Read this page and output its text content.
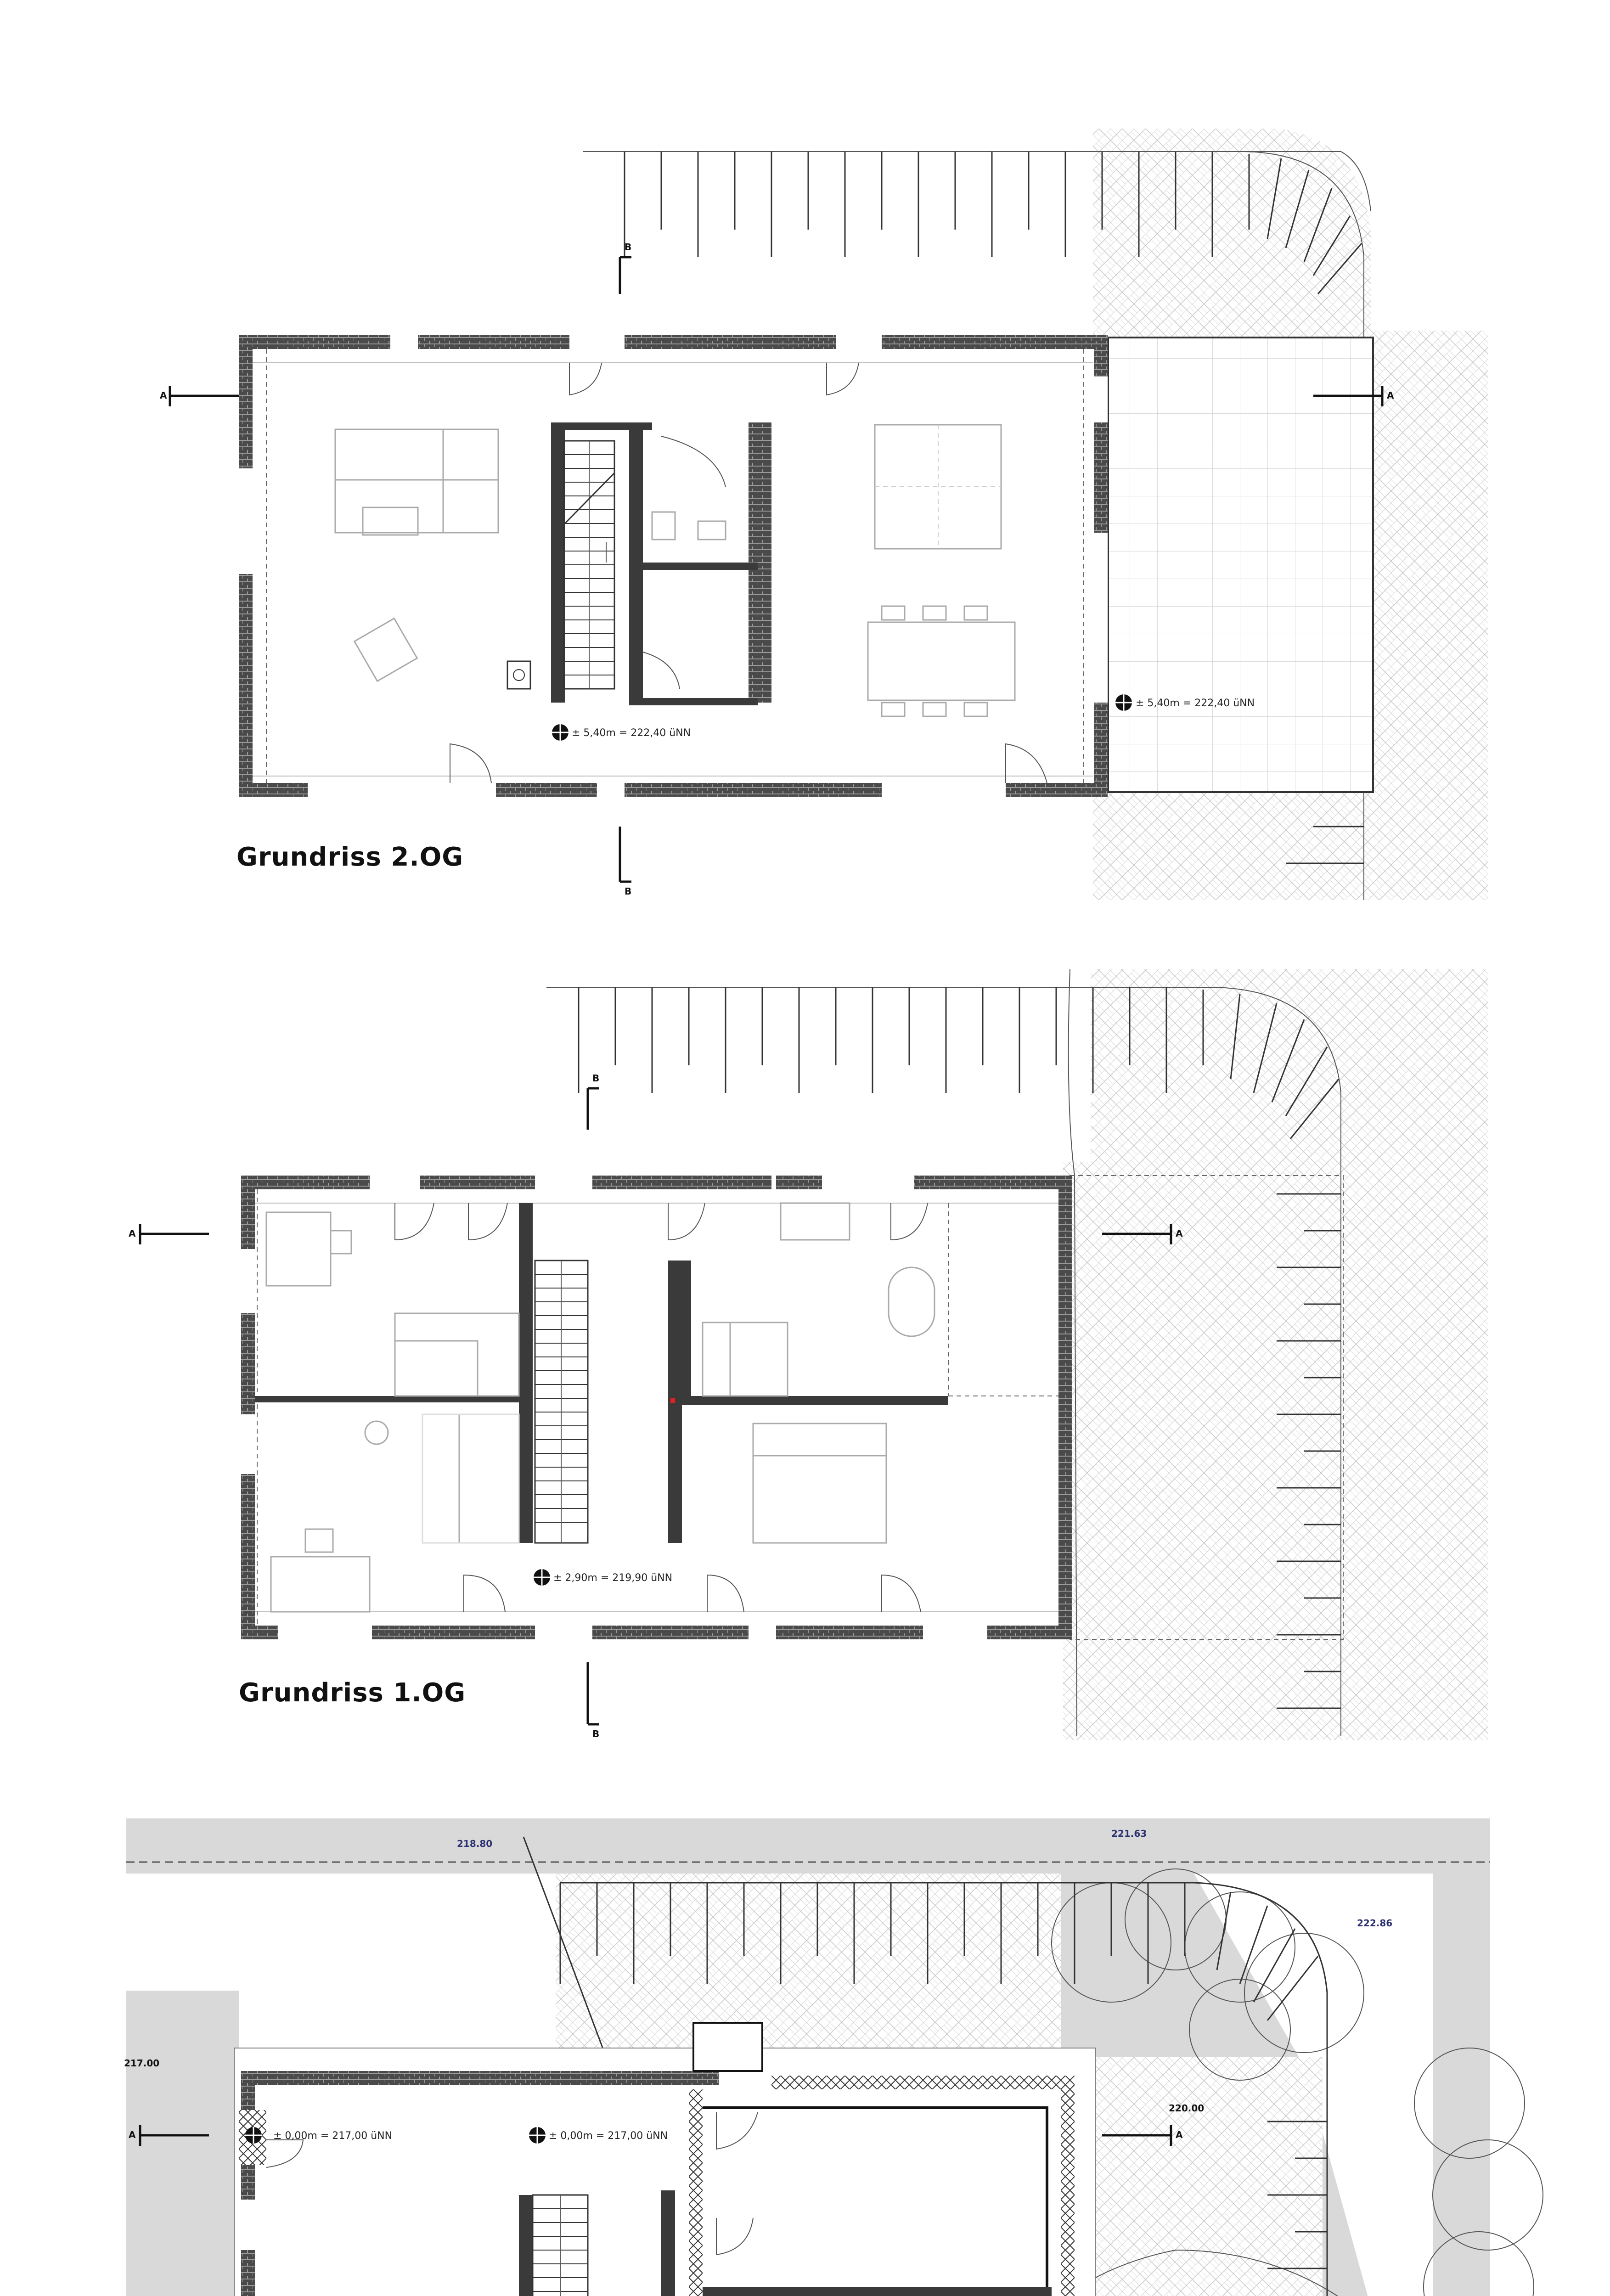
± 5,40m = 222,40 üNN
± 5,40m = 222,40 üNN
A	A
B
B
Grundriss 2.OG
± 2,90m = 219,90 üNN
A	A
B
B
Grundriss 1.OG
± 0,00m = 217,00 üNN
± 0,00m = 217,00 üNN
218.80
221.63
222.86
220.00
217.00
A	A
